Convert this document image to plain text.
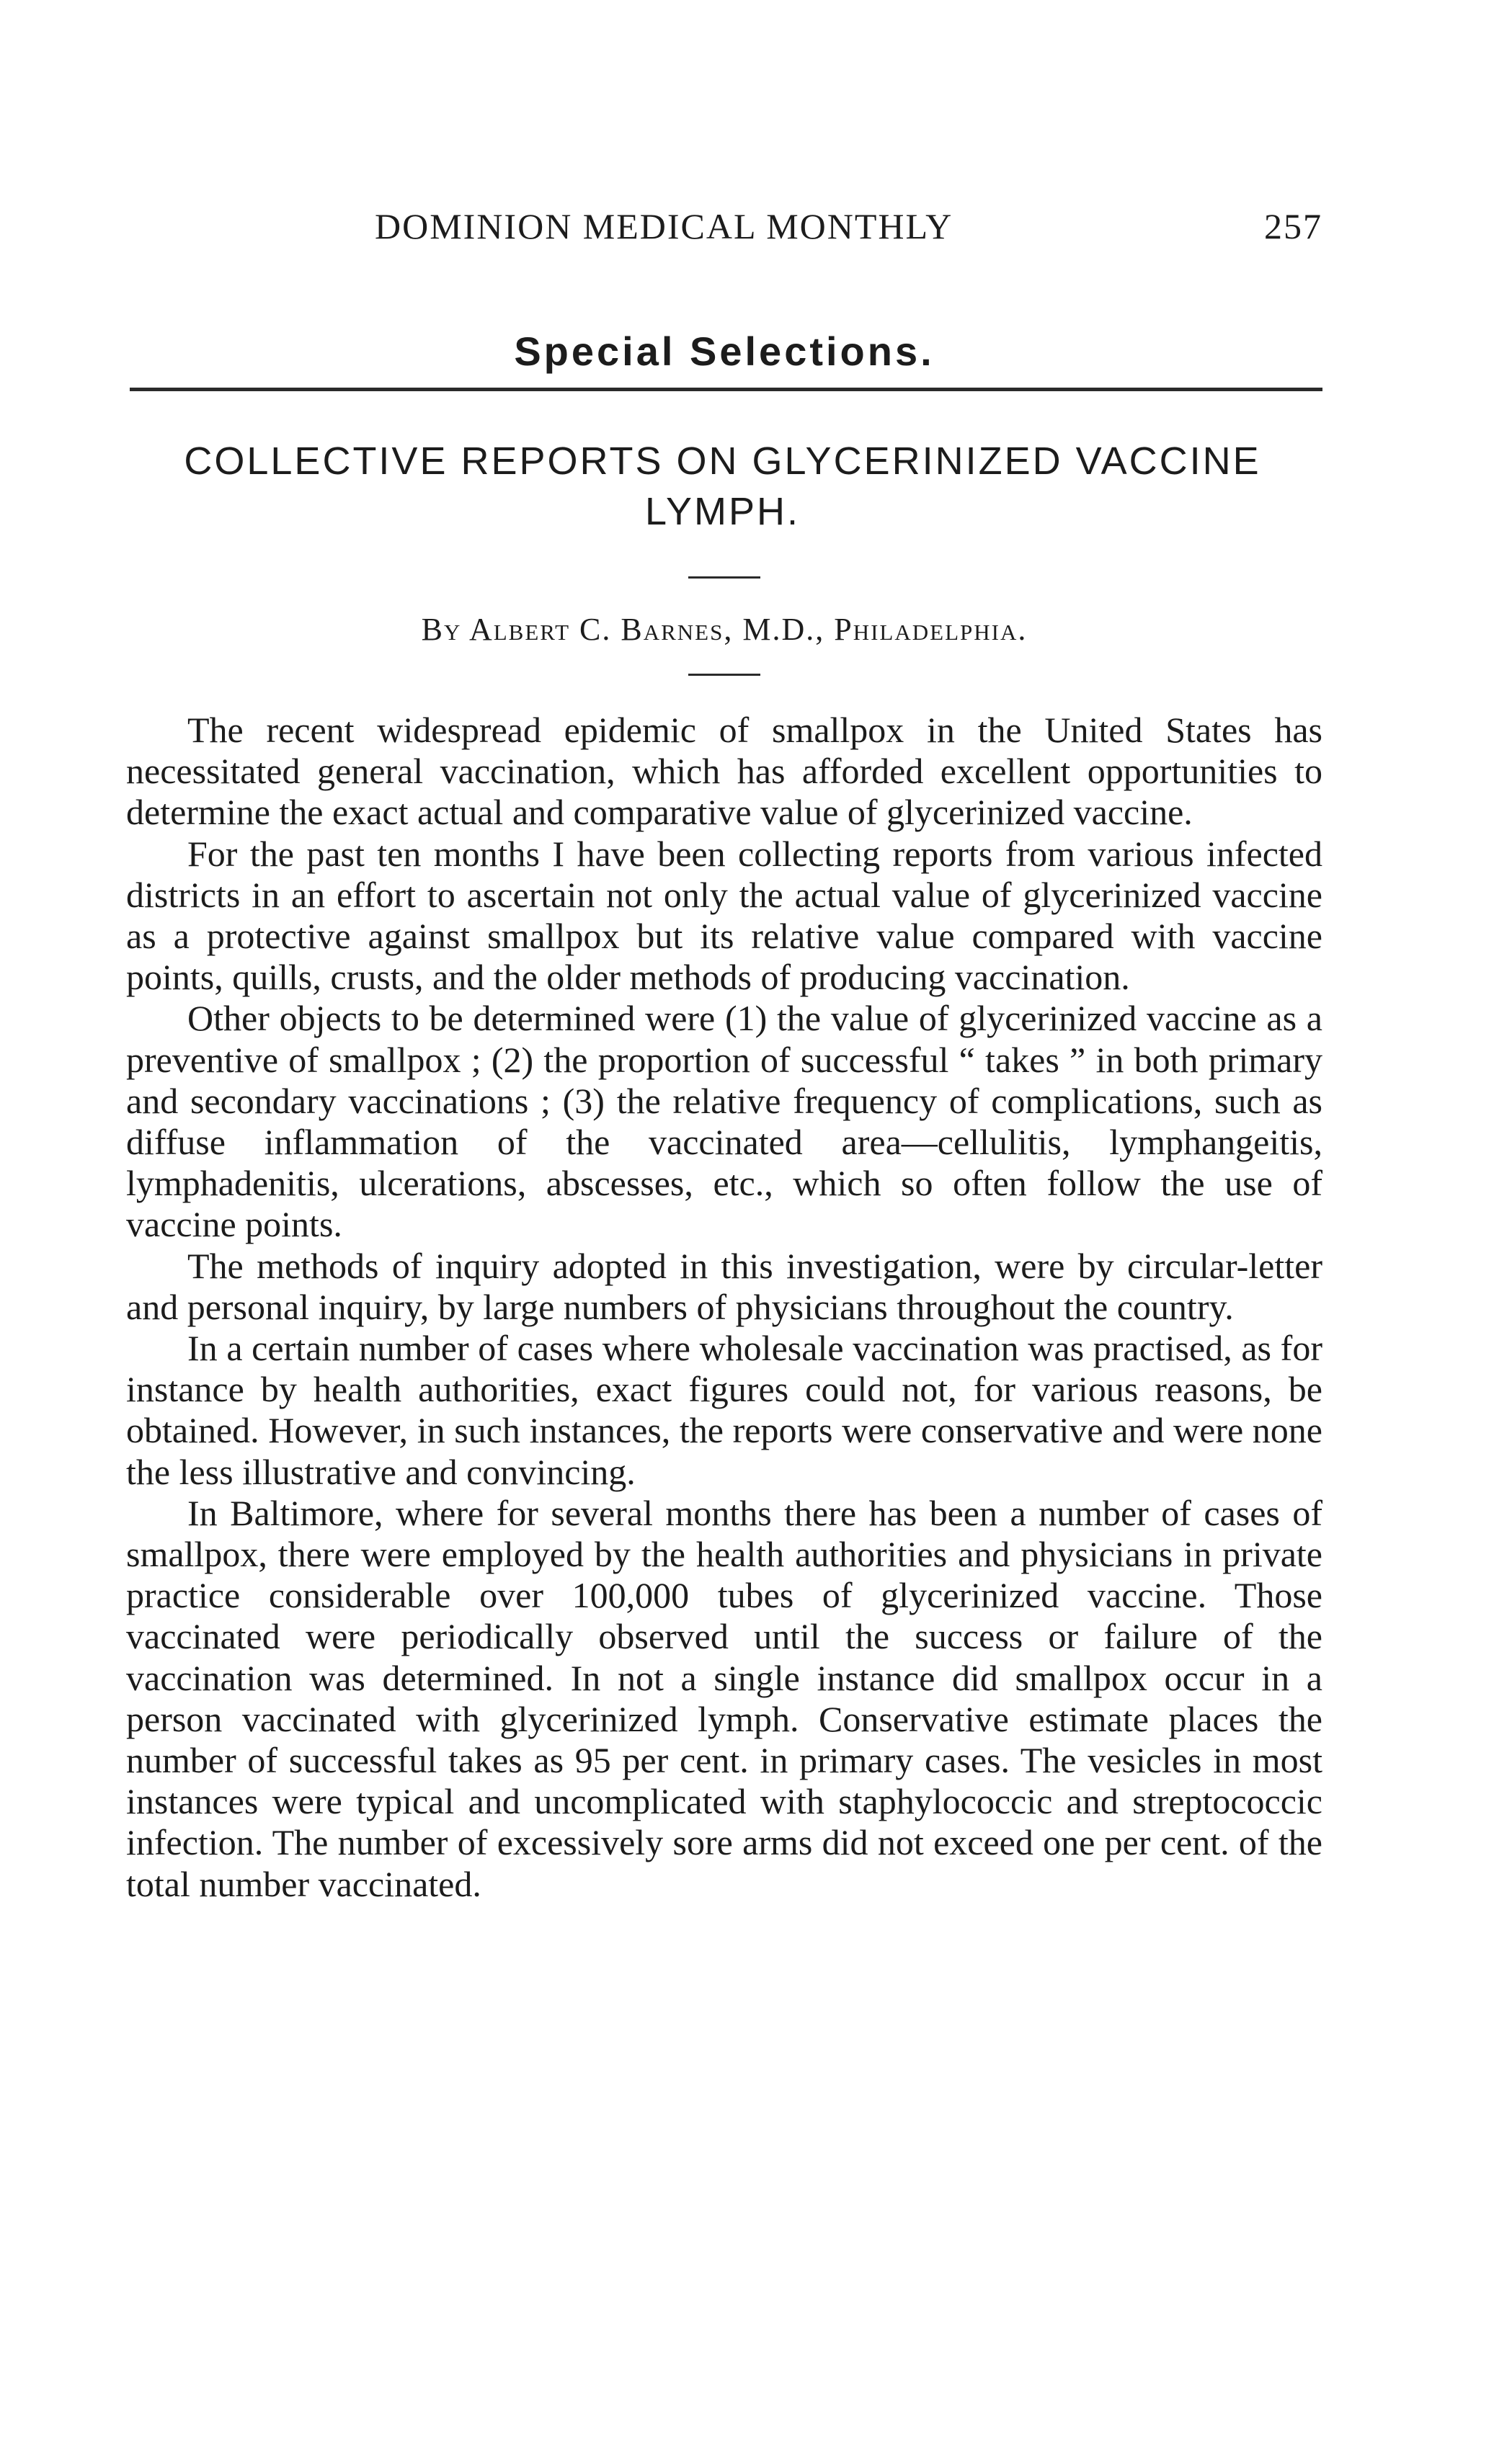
DOMINION MEDICAL MONTHLY	257
Special Selections.
COLLECTIVE REPORTS ON GLYCERINIZED VACCINE
LYMPH.
By Albert C. Barnes, M.D., Philadelphia.

The recent widespread epidemic of smallpox in the United States has necessitated general vaccination, which has afforded excellent opportunities to determine the exact actual and comparative value of glycerinized vaccine.

For the past ten months I have been collecting reports from various infected districts in an effort to ascertain not only the actual value of glycerinized vaccine as a protective against smallpox but its relative value compared with vaccine points, quills, crusts, and the older methods of producing vaccination.

Other objects to be determined were (1) the value of glycerinized vaccine as a preventive of smallpox ; (2) the proportion of successful “ takes ” in both primary and secondary vaccinations ; (3) the relative frequency of complications, such as diffuse inflammation of the vaccinated area—cellulitis, lymphangeitis, lymphadenitis, ulcerations, abscesses, etc., which so often follow the use of vaccine points.

The methods of inquiry adopted in this investigation, were by circular-letter and personal inquiry, by large numbers of physicians throughout the country.

In a certain number of cases where wholesale vaccination was practised, as for instance by health authorities, exact figures could not, for various reasons, be obtained. However, in such instances, the reports were conservative and were none the less illustrative and convincing.

In Baltimore, where for several months there has been a number of cases of smallpox, there were employed by the health authorities and physicians in private practice considerable over 100,000 tubes of glycerinized vaccine. Those vaccinated were periodically observed until the success or failure of the vaccination was determined. In not a single instance did smallpox occur in a person vaccinated with glycerinized lymph. Conservative estimate places the number of successful takes as 95 per cent. in primary cases. The vesicles in most instances were typical and uncomplicated with staphylococcic and streptococcic infection. The number of excessively sore arms did not exceed one per cent. of the total number vaccinated.
